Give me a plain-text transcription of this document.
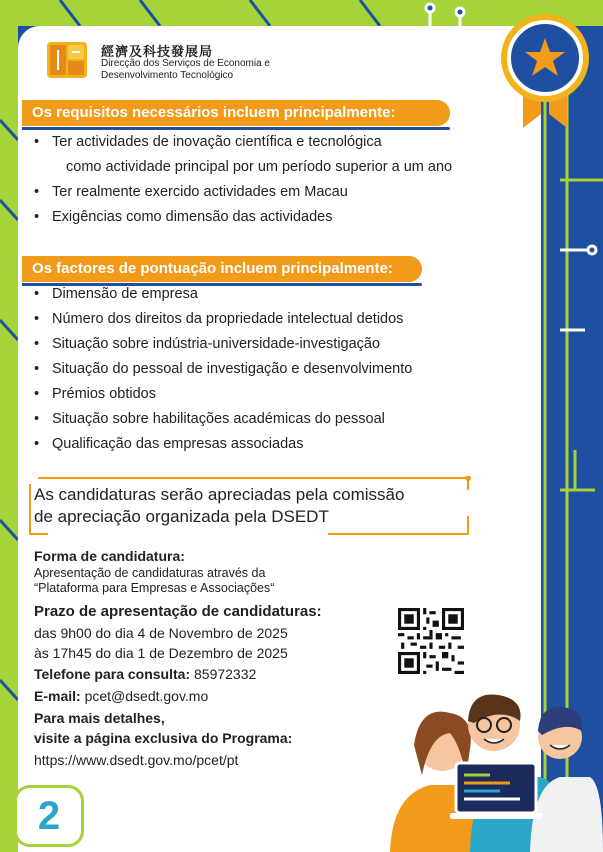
經濟及科技發展局
Direcção dos Serviços de Economia e
Desenvolvimento Tecnológico
Os requisitos necessários incluem principalmente:
• Ter actividades de inovação científica e tecnológica
como actividade principal por um período superior a um ano
• Ter realmente exercido actividades em Macau
• Exigências como dimensão das actividades
Os factores de pontuação incluem principalmente:
• Dimensão de empresa
• Número dos direitos da propriedade intelectual detidos
• Situação sobre indústria-universidade-investigação
• Situação do pessoal de investigação e desenvolvimento
• Prémios obtidos
• Situação sobre habilitações académicas do pessoal
• Qualificação das empresas associadas
As candidaturas serão apreciadas pela comissão
de apreciação organizada pela DSEDT
Forma de candidatura:
Apresentação de candidaturas através da
“Plataforma para Empresas e Associações“
Prazo de apresentação de candidaturas:
das 9h00 do dia 4 de Novembro de 2025
às 17h45 do dia 1 de Dezembro de 2025
Telefone para consulta: 85972332
E-mail: pcet@dsedt.gov.mo
Para mais detalhes,
visite a página exclusiva do Programa:
https://www.dsedt.gov.mo/pcet/pt
2
